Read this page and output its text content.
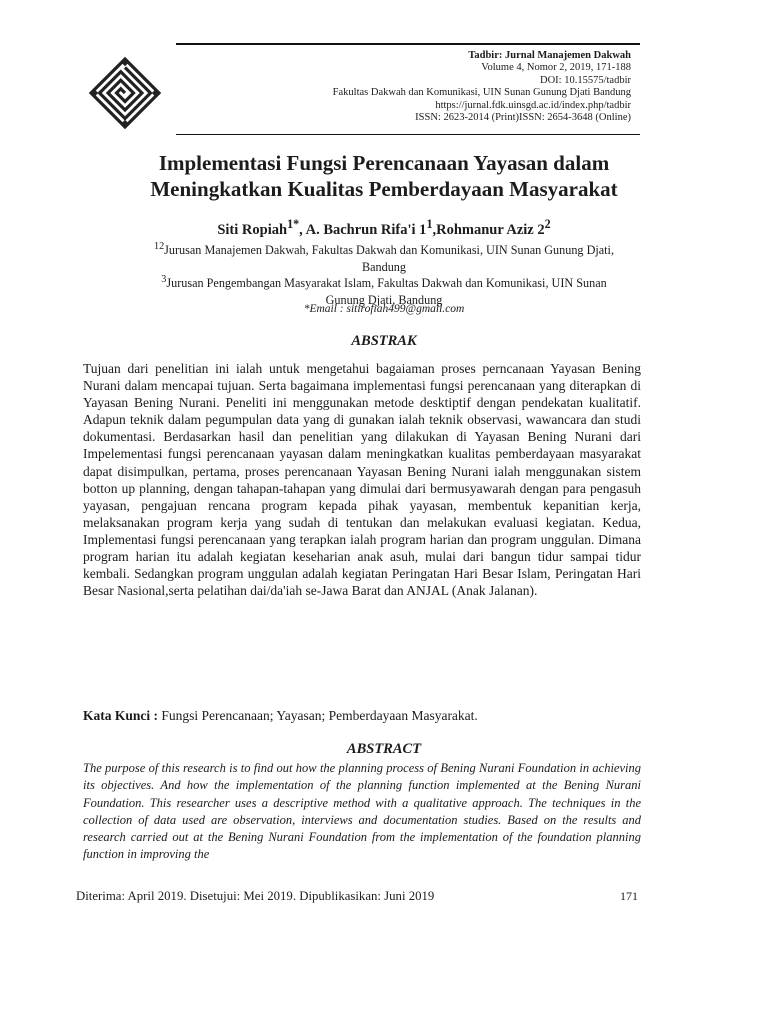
Tadbir: Jurnal Manajemen Dakwah
Volume 4, Nomor 2, 2019, 171-188
DOI: 10.15575/tadbir
Fakultas Dakwah dan Komunikasi, UIN Sunan Gunung Djati Bandung
https://jurnal.fdk.uinsgd.ac.id/index.php/tadbir
ISSN: 2623-2014 (Print)ISSN: 2654-3648 (Online)
Implementasi Fungsi Perencanaan Yayasan dalam
Meningkatkan Kualitas Pemberdayaan Masyarakat
Siti Ropiah$^{1*}$, A. Bachrun Rifa'i $1^1,Rohmanur$ Aziz $2^2$
$^{12}$Jurusan Manajemen Dakwah, Fakultas Dakwah dan Komunikasi, UIN Sunan Gunung Djati,
Bandung
$^3$Jurusan Pengembangan Masyarakat Islam, Fakultas Dakwah dan Komunikasi, UIN Sunan
Gunung Djati, Bandung
*Email : sitirofiah499@gmail.com
ABSTRAK
Tujuan dari penelitian ini ialah untuk mengetahui bagaiaman proses perncanaan Yayasan Bening Nurani dalam mencapai tujuan. Serta bagaimana implementasi fungsi perencanaan yang diterapkan di Yayasan Bening Nurani. Peneliti ini menggunakan metode desktiptif dengan pendekatan kualitatif. Adapun teknik dalam pegumpulan data yang di gunakan ialah teknik observasi, wawancara dan studi dokumentasi. Berdasarkan hasil dan penelitian yang dilakukan di Yayasan Bening Nurani dari Impelementasi fungsi perencanaan yayasan dalam meningkatkan kualitas pemberdayaan masyarakat dapat disimpulkan, pertama, proses perencanaan Yayasan Bening Nurani ialah menggunakan sistem botton up planning, dengan tahapan-tahapan yang dimulai dari bermusyawarah dengan para pengasuh yayasan, pengajuan rencana program kepada pihak yayasan, membentuk kepanitian kerja, melaksanakan program kerja yang sudah di tentukan dan melakukan evaluasi kegiatan. Kedua, Implementasi fungsi perencanaan yang terapkan ialah program harian dan program unggulan. Dimana program harian itu adalah kegiatan keseharian anak asuh, mulai dari bangun tidur sampai tidur kembali. Sedangkan program unggulan adalah kegiatan Peringatan Hari Besar Islam, Peringatan Hari Besar Nasional,serta pelatihan dai/da'iah se-Jawa Barat dan ANJAL (Anak Jalanan).
Kata Kunci : Fungsi Perencanaan; Yayasan; Pemberdayaan Masyarakat.
ABSTRACT
The purpose of this research is to find out how the planning process of Bening Nurani Foundation in achieving its objectives. And how the implementation of the planning function implemented at the Bening Nurani Foundation. This researcher uses a descriptive method with a qualitative approach. The techniques in the collection of data used are observation, interviews and documentation studies. Based on the results and research carried out at the Bening Nurani Foundation from the implementation of the foundation planning function in improving the
Diterima: April 2019. Disetujui: Mei 2019. Dipublikasikan: Juni 2019	171
